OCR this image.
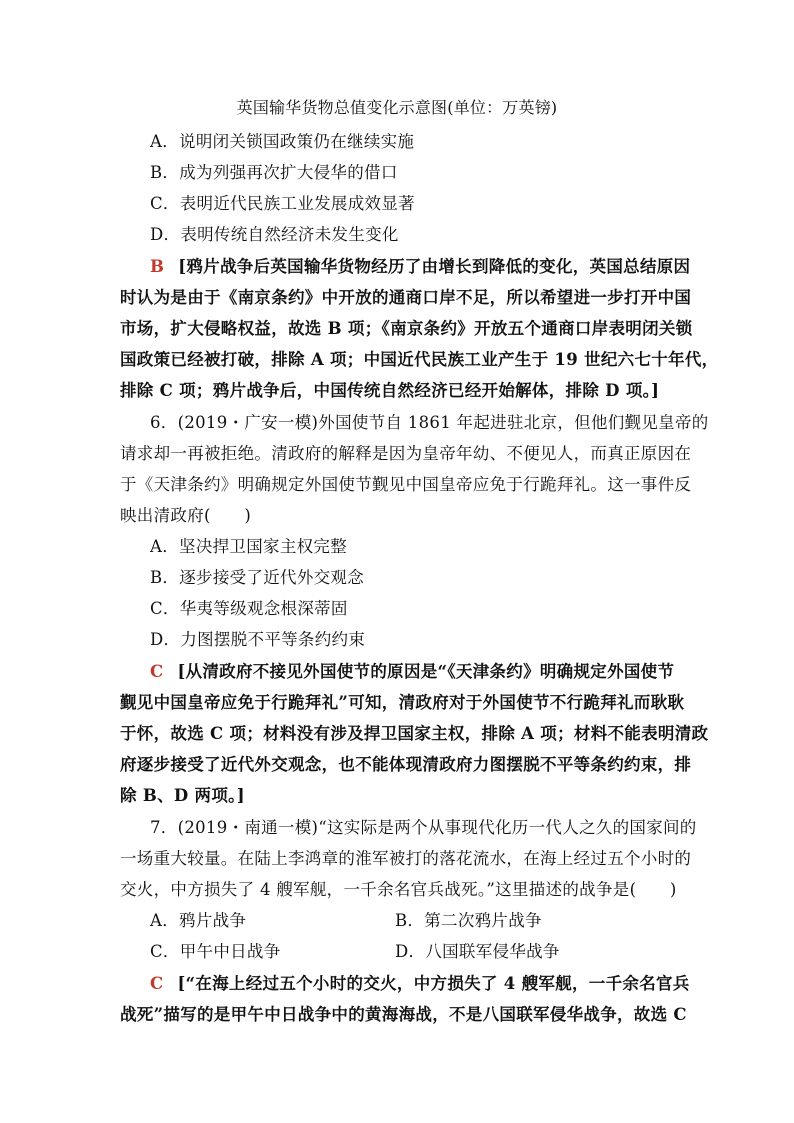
英国输华货物总值变化示意图(单位：万英镑)
A．说明闭关锁国政策仍在继续实施
B．成为列强再次扩大侵华的借口
C．表明近代民族工业发展成效显著
D．表明传统自然经济未发生变化
B [鸦片战争后英国输华货物经历了由增长到降低的变化，英国总结原因
时认为是由于《南京条约》中开放的通商口岸不足，所以希望进一步打开中国
市场，扩大侵略权益，故选 B 项；《南京条约》开放五个通商口岸表明闭关锁
国政策已经被打破，排除 A 项；中国近代民族工业产生于 19 世纪六七十年代，
排除 C 项；鸦片战争后，中国传统自然经济已经开始解体，排除 D 项。]
6．(2019・广安一模)外国使节自 1861 年起进驻北京，但他们觐见皇帝的
请求却一再被拒绝。清政府的解释是因为皇帝年幼、不便见人，而真正原因在
于《天津条约》明确规定外国使节觐见中国皇帝应免于行跪拜礼。这一事件反
映出清政府(　　)
A．坚决捍卫国家主权完整
B．逐步接受了近代外交观念
C．华夷等级观念根深蒂固
D．力图摆脱不平等条约约束
C [从清政府不接见外国使节的原因是“《天津条约》明确规定外国使节
觐见中国皇帝应免于行跪拜礼”可知，清政府对于外国使节不行跪拜礼而耿耿
于怀，故选 C 项；材料没有涉及捍卫国家主权，排除 A 项；材料不能表明清政
府逐步接受了近代外交观念，也不能体现清政府力图摆脱不平等条约约束，排
除 B、D 两项。]
7．(2019・南通一模)“这实际是两个从事现代化历一代人之久的国家间的
一场重大较量。在陆上李鸿章的淮军被打的落花流水，在海上经过五个小时的
交火，中方损失了 4 艘军舰，一千余名官兵战死。”这里描述的战争是(　　)
A．鸦片战争	B．第二次鸦片战争
C．甲午中日战争	D．八国联军侵华战争
C [“在海上经过五个小时的交火，中方损失了 4 艘军舰，一千余名官兵
战死”描写的是甲午中日战争中的黄海海战，不是八国联军侵华战争，故选 C
